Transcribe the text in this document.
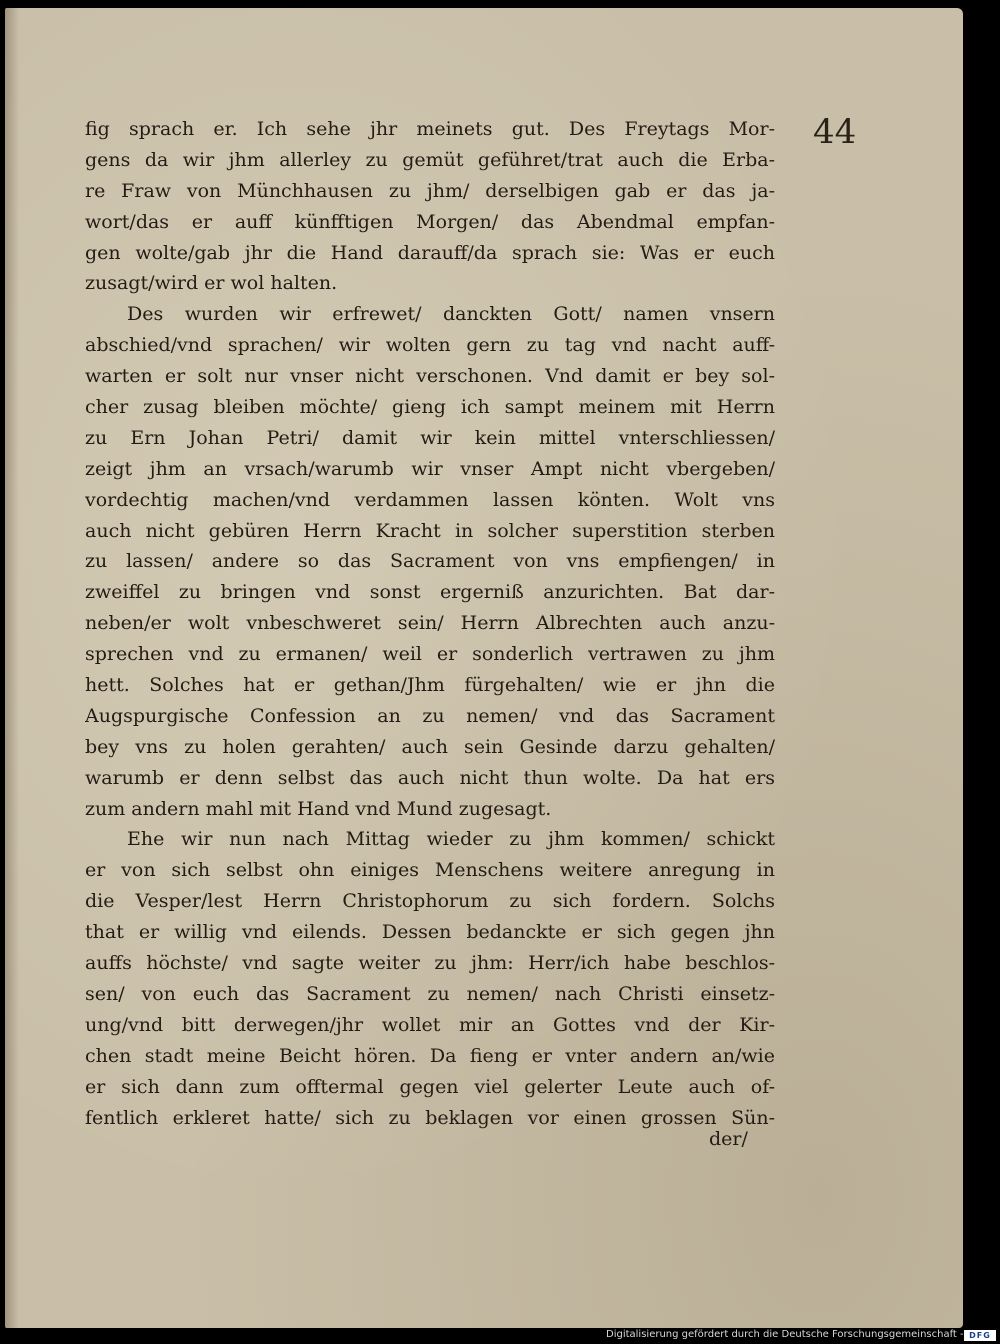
44

fig sprach er. Ich sehe jhr meinets gut. Des Freytags Mor-

gens da wir jhm allerley zu gemüt geführet/trat auch die Erba-

re Fraw von Münchhausen zu jhm/ derselbigen gab er das ja-

wort/das er auff künfftigen Morgen/ das Abendmal empfan-

gen wolte/gab jhr die Hand darauff/da sprach sie: Was er euch

zusagt/wird er wol halten.

Des wurden wir erfrewet/ danckten Gott/ namen vnsern

abschied/vnd sprachen/ wir wolten gern zu tag vnd nacht auff-

warten er solt nur vnser nicht verschonen. Vnd damit er bey sol-

cher zusag bleiben möchte/ gieng ich sampt meinem mit Herrn

zu Ern Johan Petri/ damit wir kein mittel vnterschliessen/

zeigt jhm an vrsach/warumb wir vnser Ampt nicht vbergeben/

vordechtig machen/vnd verdammen lassen könten. Wolt vns

auch nicht gebüren Herrn Kracht in solcher superstition sterben

zu lassen/ andere so das Sacrament von vns empfiengen/ in

zweiffel zu bringen vnd sonst ergerniß anzurichten. Bat dar-

neben/er wolt vnbeschweret sein/ Herrn Albrechten auch anzu-

sprechen vnd zu ermanen/ weil er sonderlich vertrawen zu jhm

hett. Solches hat er gethan/Jhm fürgehalten/ wie er jhn die

Augspurgische Confession an zu nemen/ vnd das Sacrament

bey vns zu holen gerahten/ auch sein Gesinde darzu gehalten/

warumb er denn selbst das auch nicht thun wolte. Da hat ers

zum andern mahl mit Hand vnd Mund zugesagt.

Ehe wir nun nach Mittag wieder zu jhm kommen/ schickt

er von sich selbst ohn einiges Menschens weitere anregung in

die Vesper/lest Herrn Christophorum zu sich fordern. Solchs

that er willig vnd eilends. Dessen bedanckte er sich gegen jhn

auffs höchste/ vnd sagte weiter zu jhm: Herr/ich habe beschlos-

sen/ von euch das Sacrament zu nemen/ nach Christi einsetz-

ung/vnd bitt derwegen/jhr wollet mir an Gottes vnd der Kir-

chen stadt meine Beicht hören. Da fieng er vnter andern an/wie

er sich dann zum offtermal gegen viel gelerter Leute auch of-

fentlich erkleret hatte/ sich zu beklagen vor einen grossen Sün-

der/

Digitalisierung gefördert durch die Deutsche Forschungsgemeinschaft - DFG
